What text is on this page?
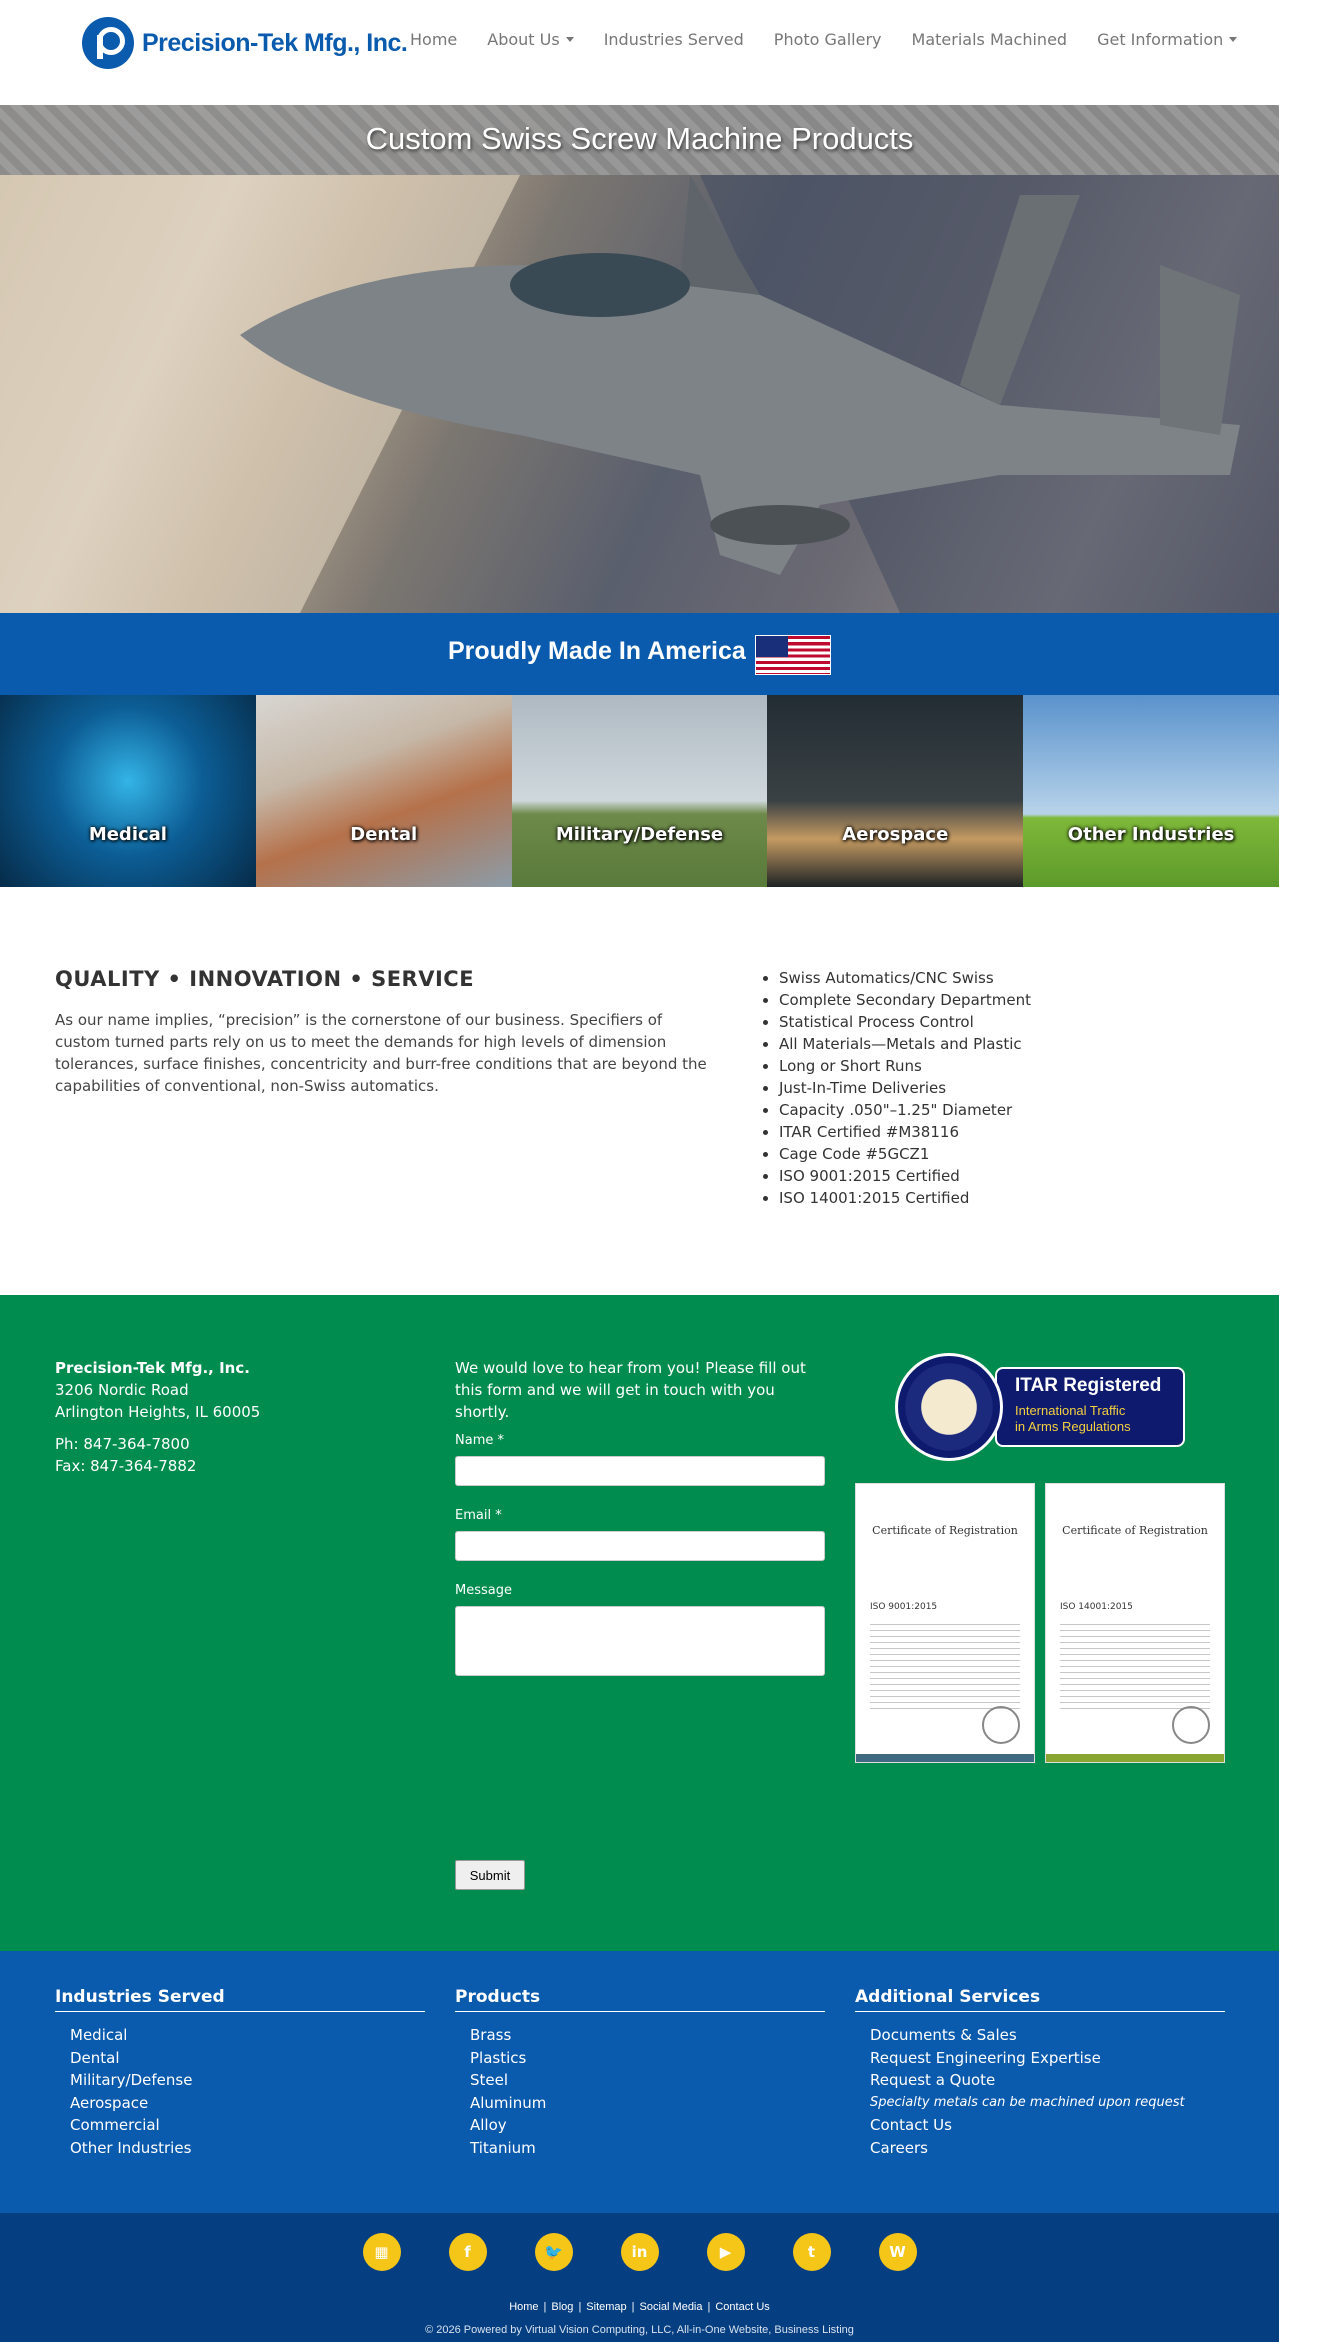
Precision-Tek Mfg., Inc. Home About Us	Industries Served Photo Gallery Materials Machined Get Information
Custom Swiss Screw Machine Products
Proudly Made In America
Medical	Dental	Military/Defense	Aerospace	Other Industries
QUALITY • INNOVATION • SERVICE

As our name implies, “precision” is the cornerstone of our business. Specifiers of custom turned parts rely on us to meet the demands for high levels of dimension tolerances, surface finishes, concentricity and burr-free conditions that are beyond the capabilities of conventional, non-Swiss automatics.

• Swiss Automatics/CNC Swiss
• Complete Secondary Department
• Statistical Process Control
• All Materials—Metals and Plastic
• Long or Short Runs
• Just-In-Time Deliveries
• Capacity .050"–1.25" Diameter
• ITAR Certified #M38116
• Cage Code #5GCZ1
• ISO 9001:2015 Certified
• ISO 14001:2015 Certified
Precision-Tek Mfg., Inc.
3206 Nordic Road
Arlington Heights, IL 60005
Ph: 847-364-7800
Fax: 847-364-7882

We would love to hear from you! Please fill out this form and we will get in touch with you shortly.

Name *
Email *
Message
Submit
ITAR Registered
International Traffic
in Arms Regulations
Certificate of Registration
ISO 9001:2015
Certificate of Registration
ISO 14001:2015
Industries Served
Medical
Dental
Military/Defense
Aerospace
Commercial
Other Industries
Products
Brass
Plastics
Steel
Aluminum
Alloy
Titanium
Additional Services
Documents & Sales
Request Engineering Expertise
Request a Quote
Specialty metals can be machined upon request
Contact Us
Careers
▦	f	🐦	in	▶	t	W
Home | Blog | Sitemap | Social Media | Contact Us
© 2026 Powered by Virtual Vision Computing, LLC, All-in-One Website, Business Listing
